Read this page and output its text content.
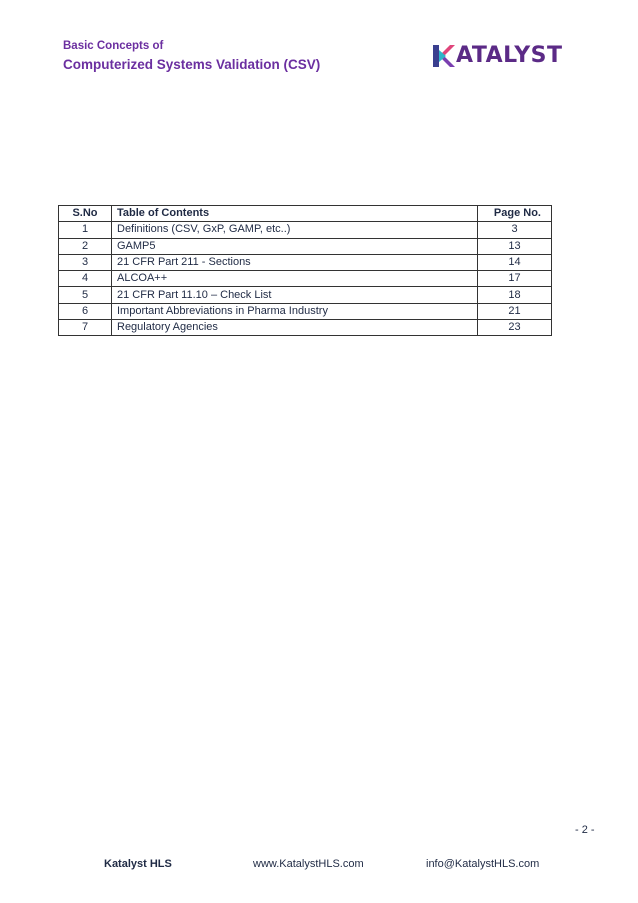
Basic Concepts of
Computerized Systems Validation (CSV)	ATALYST
S.No	Table of Contents	Page No.
1	Definitions (CSV, GxP, GAMP, etc..)	3
2	GAMP5	13
3	21 CFR Part 211 - Sections	14
4	ALCOA++	17
5	21 CFR Part 11.10 – Check List	18
6	Important Abbreviations in Pharma Industry	21
7	Regulatory Agencies	23
- 2 -
Katalyst HLS	www.KatalystHLS.com	info@KatalystHLS.com
